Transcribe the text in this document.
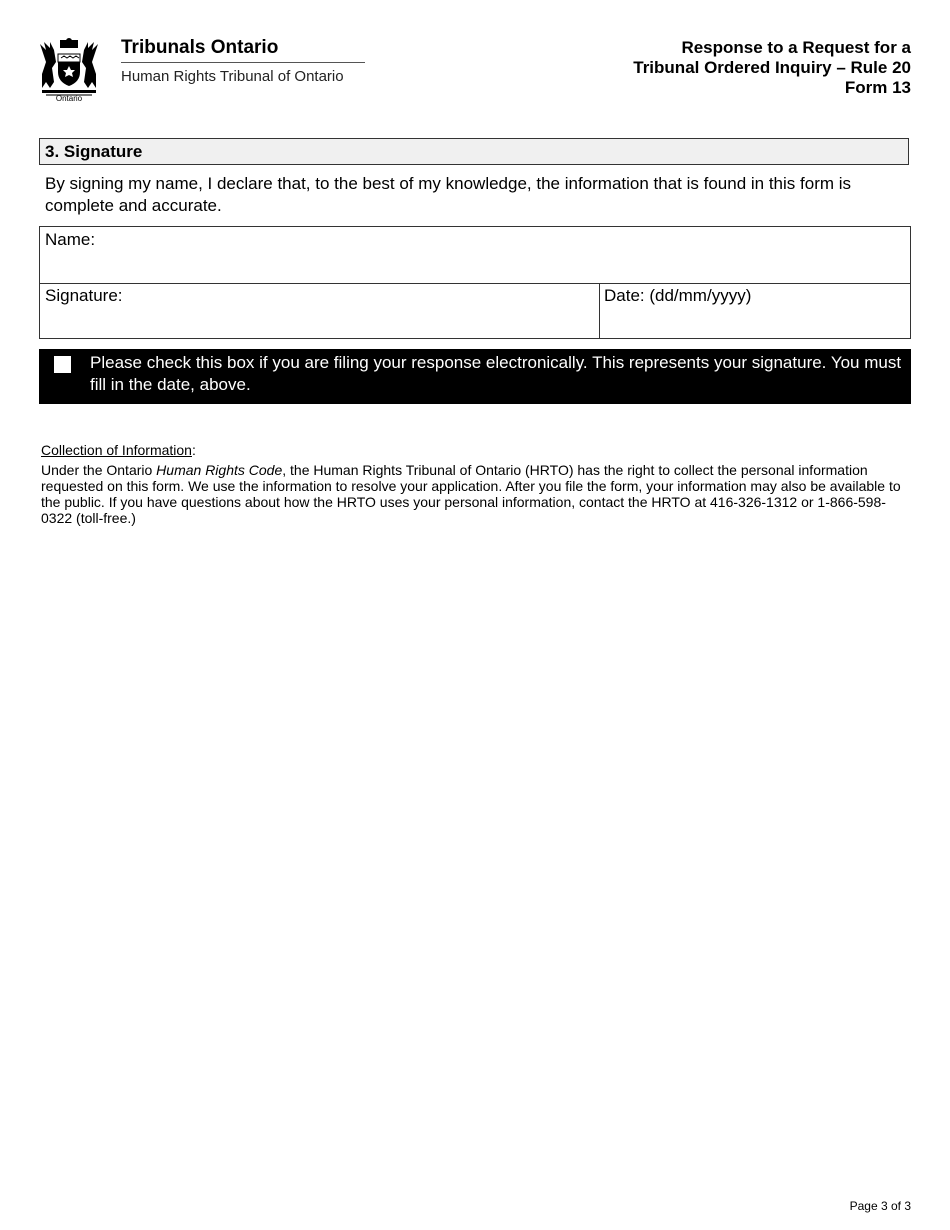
Ontario
Tribunals Ontario
Human Rights Tribunal of Ontario
Response to a Request for a
Tribunal Ordered Inquiry – Rule 20
Form 13
3. Signature
By signing my name, I declare that, to the best of my knowledge, the information that is found in this form is complete and accurate.
Name:
Signature:	Date: (dd/mm/yyyy)
Please check this box if you are filing your response electronically. This represents your signature. You must fill in the date, above.
Collection of Information:
Under the Ontario Human Rights Code, the Human Rights Tribunal of Ontario (HRTO) has the right to collect the personal information requested on this form. We use the information to resolve your application. After you file the form, your information may also be available to the public. If you have questions about how the HRTO uses your personal information, contact the HRTO at 416-326-1312 or 1-866-598-0322 (toll-free.)
Page 3 of 3
